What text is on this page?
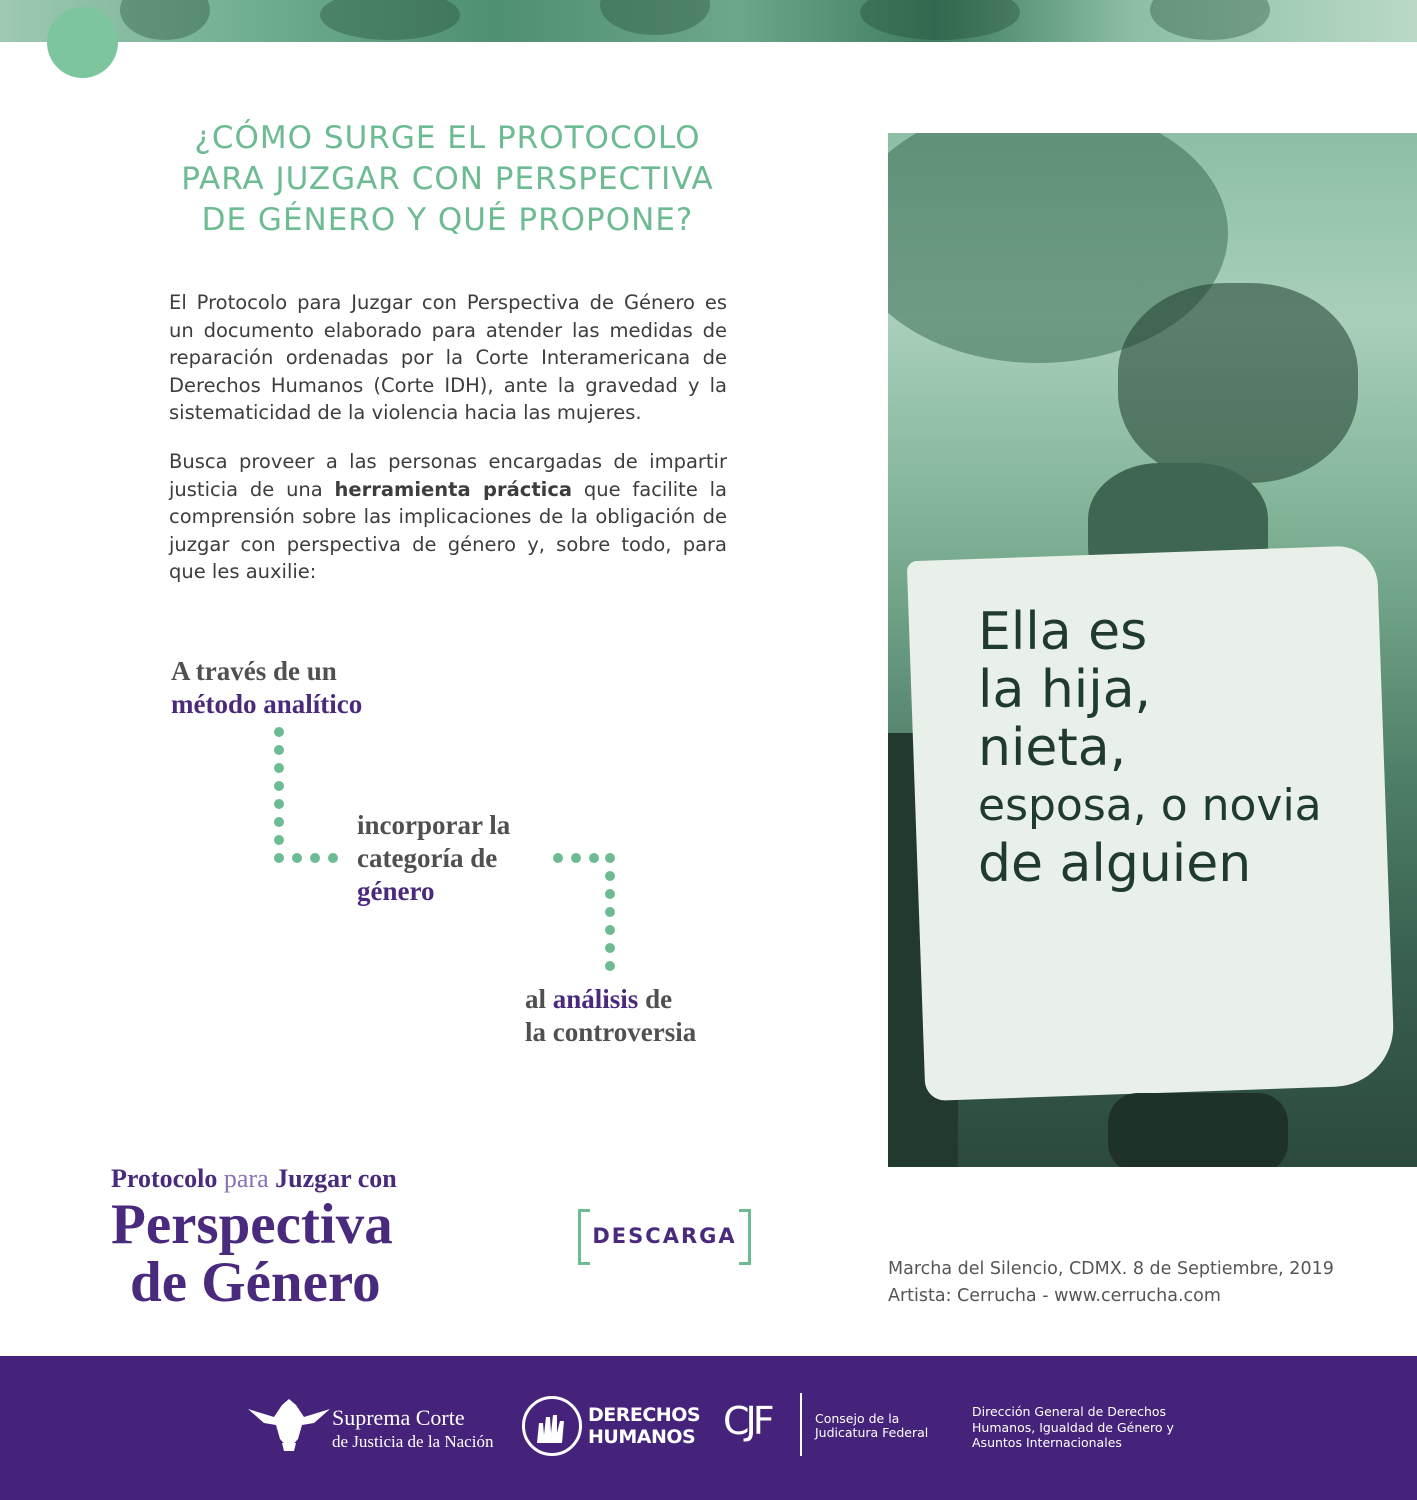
¿CÓMO SURGE EL PROTOCOLO PARA JUZGAR CON PERSPECTIVA DE GÉNERO Y QUÉ PROPONE?

El Protocolo para Juzgar con Perspectiva de Género es un documento elaborado para atender las medidas de reparación ordenadas por la Corte Interamericana de Derechos Humanos (Corte IDH), ante la gravedad y la sistematicidad de la violencia hacia las mujeres.

Busca proveer a las personas encargadas de impartir justicia de una herramienta práctica que facilite la comprensión sobre las implicaciones de la obligación de juzgar con perspectiva de género y, sobre todo, para que les auxilie:

A través de un
método analítico
incorporar la
categoría de
género
al análisis de
la controversia
Ella es
la hija,
nieta,
esposa, o novia
de alguien
Marcha del Silencio, CDMX. 8 de Septiembre, 2019
Artista: Cerrucha - www.cerrucha.com
Protocolo para Juzgar con
Perspectiva
de Género
DESCARGA
Suprema Corte

de Justicia de la Nación
DERECHOS
HUMANOS CJF	Consejo de la
Judicatura Federal
Dirección General de Derechos Humanos, Igualdad de Género y Asuntos Internacionales
